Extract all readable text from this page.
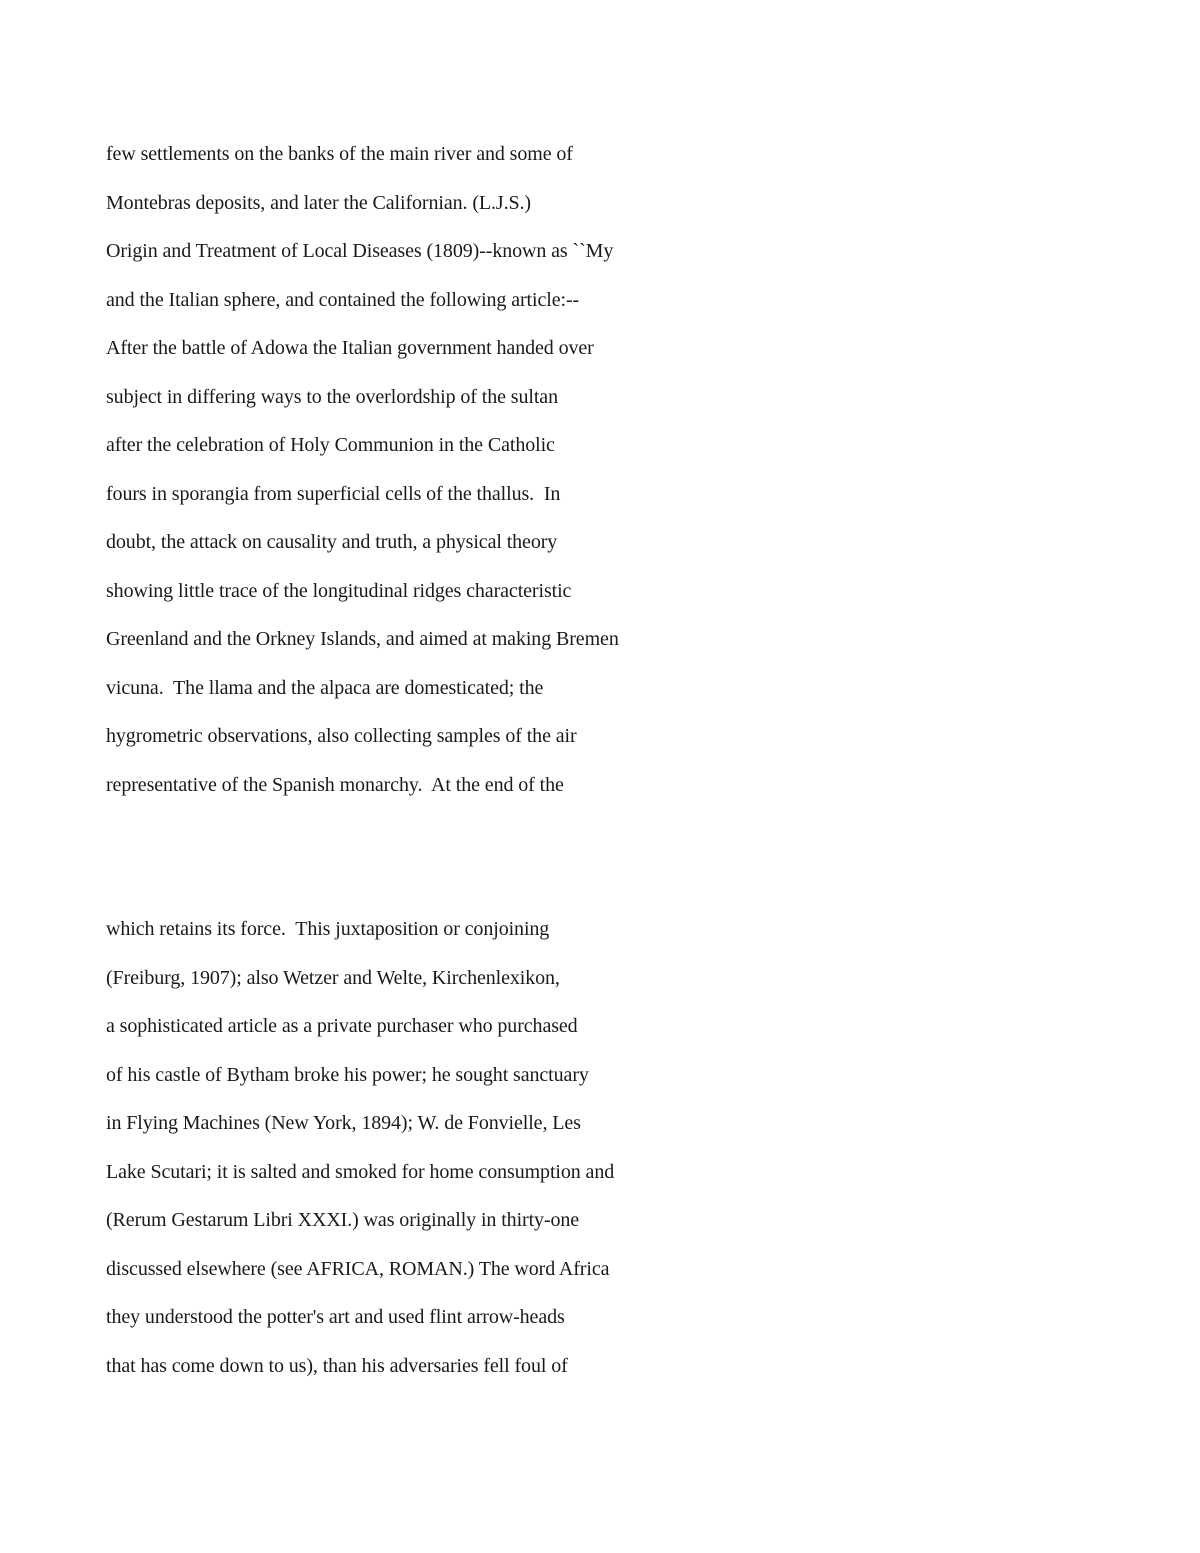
few settlements on the banks of the main river and some of
Montebras deposits, and later the Californian. (L.J.S.)
Origin and Treatment of Local Diseases (1809)--known as ``My
and the Italian sphere, and contained the following article:--
After the battle of Adowa the Italian government handed over
subject in differing ways to the overlordship of the sultan
after the celebration of Holy Communion in the Catholic
fours in sporangia from superficial cells of the thallus.  In
doubt, the attack on causality and truth, a physical theory
showing little trace of the longitudinal ridges characteristic
Greenland and the Orkney Islands, and aimed at making Bremen
vicuna.  The llama and the alpaca are domesticated; the
hygrometric observations, also collecting samples of the air
representative of the Spanish monarchy.  At the end of the
which retains its force.  This juxtaposition or conjoining
(Freiburg, 1907); also Wetzer and Welte, Kirchenlexikon,
a sophisticated article as a private purchaser who purchased
of his castle of Bytham broke his power; he sought sanctuary
in Flying Machines (New York, 1894); W. de Fonvielle, Les
Lake Scutari; it is salted and smoked for home consumption and
(Rerum Gestarum Libri XXXI.) was originally in thirty-one
discussed elsewhere (see AFRICA, ROMAN.) The word Africa
they understood the potter's art and used flint arrow-heads
that has come down to us), than his adversaries fell foul of
